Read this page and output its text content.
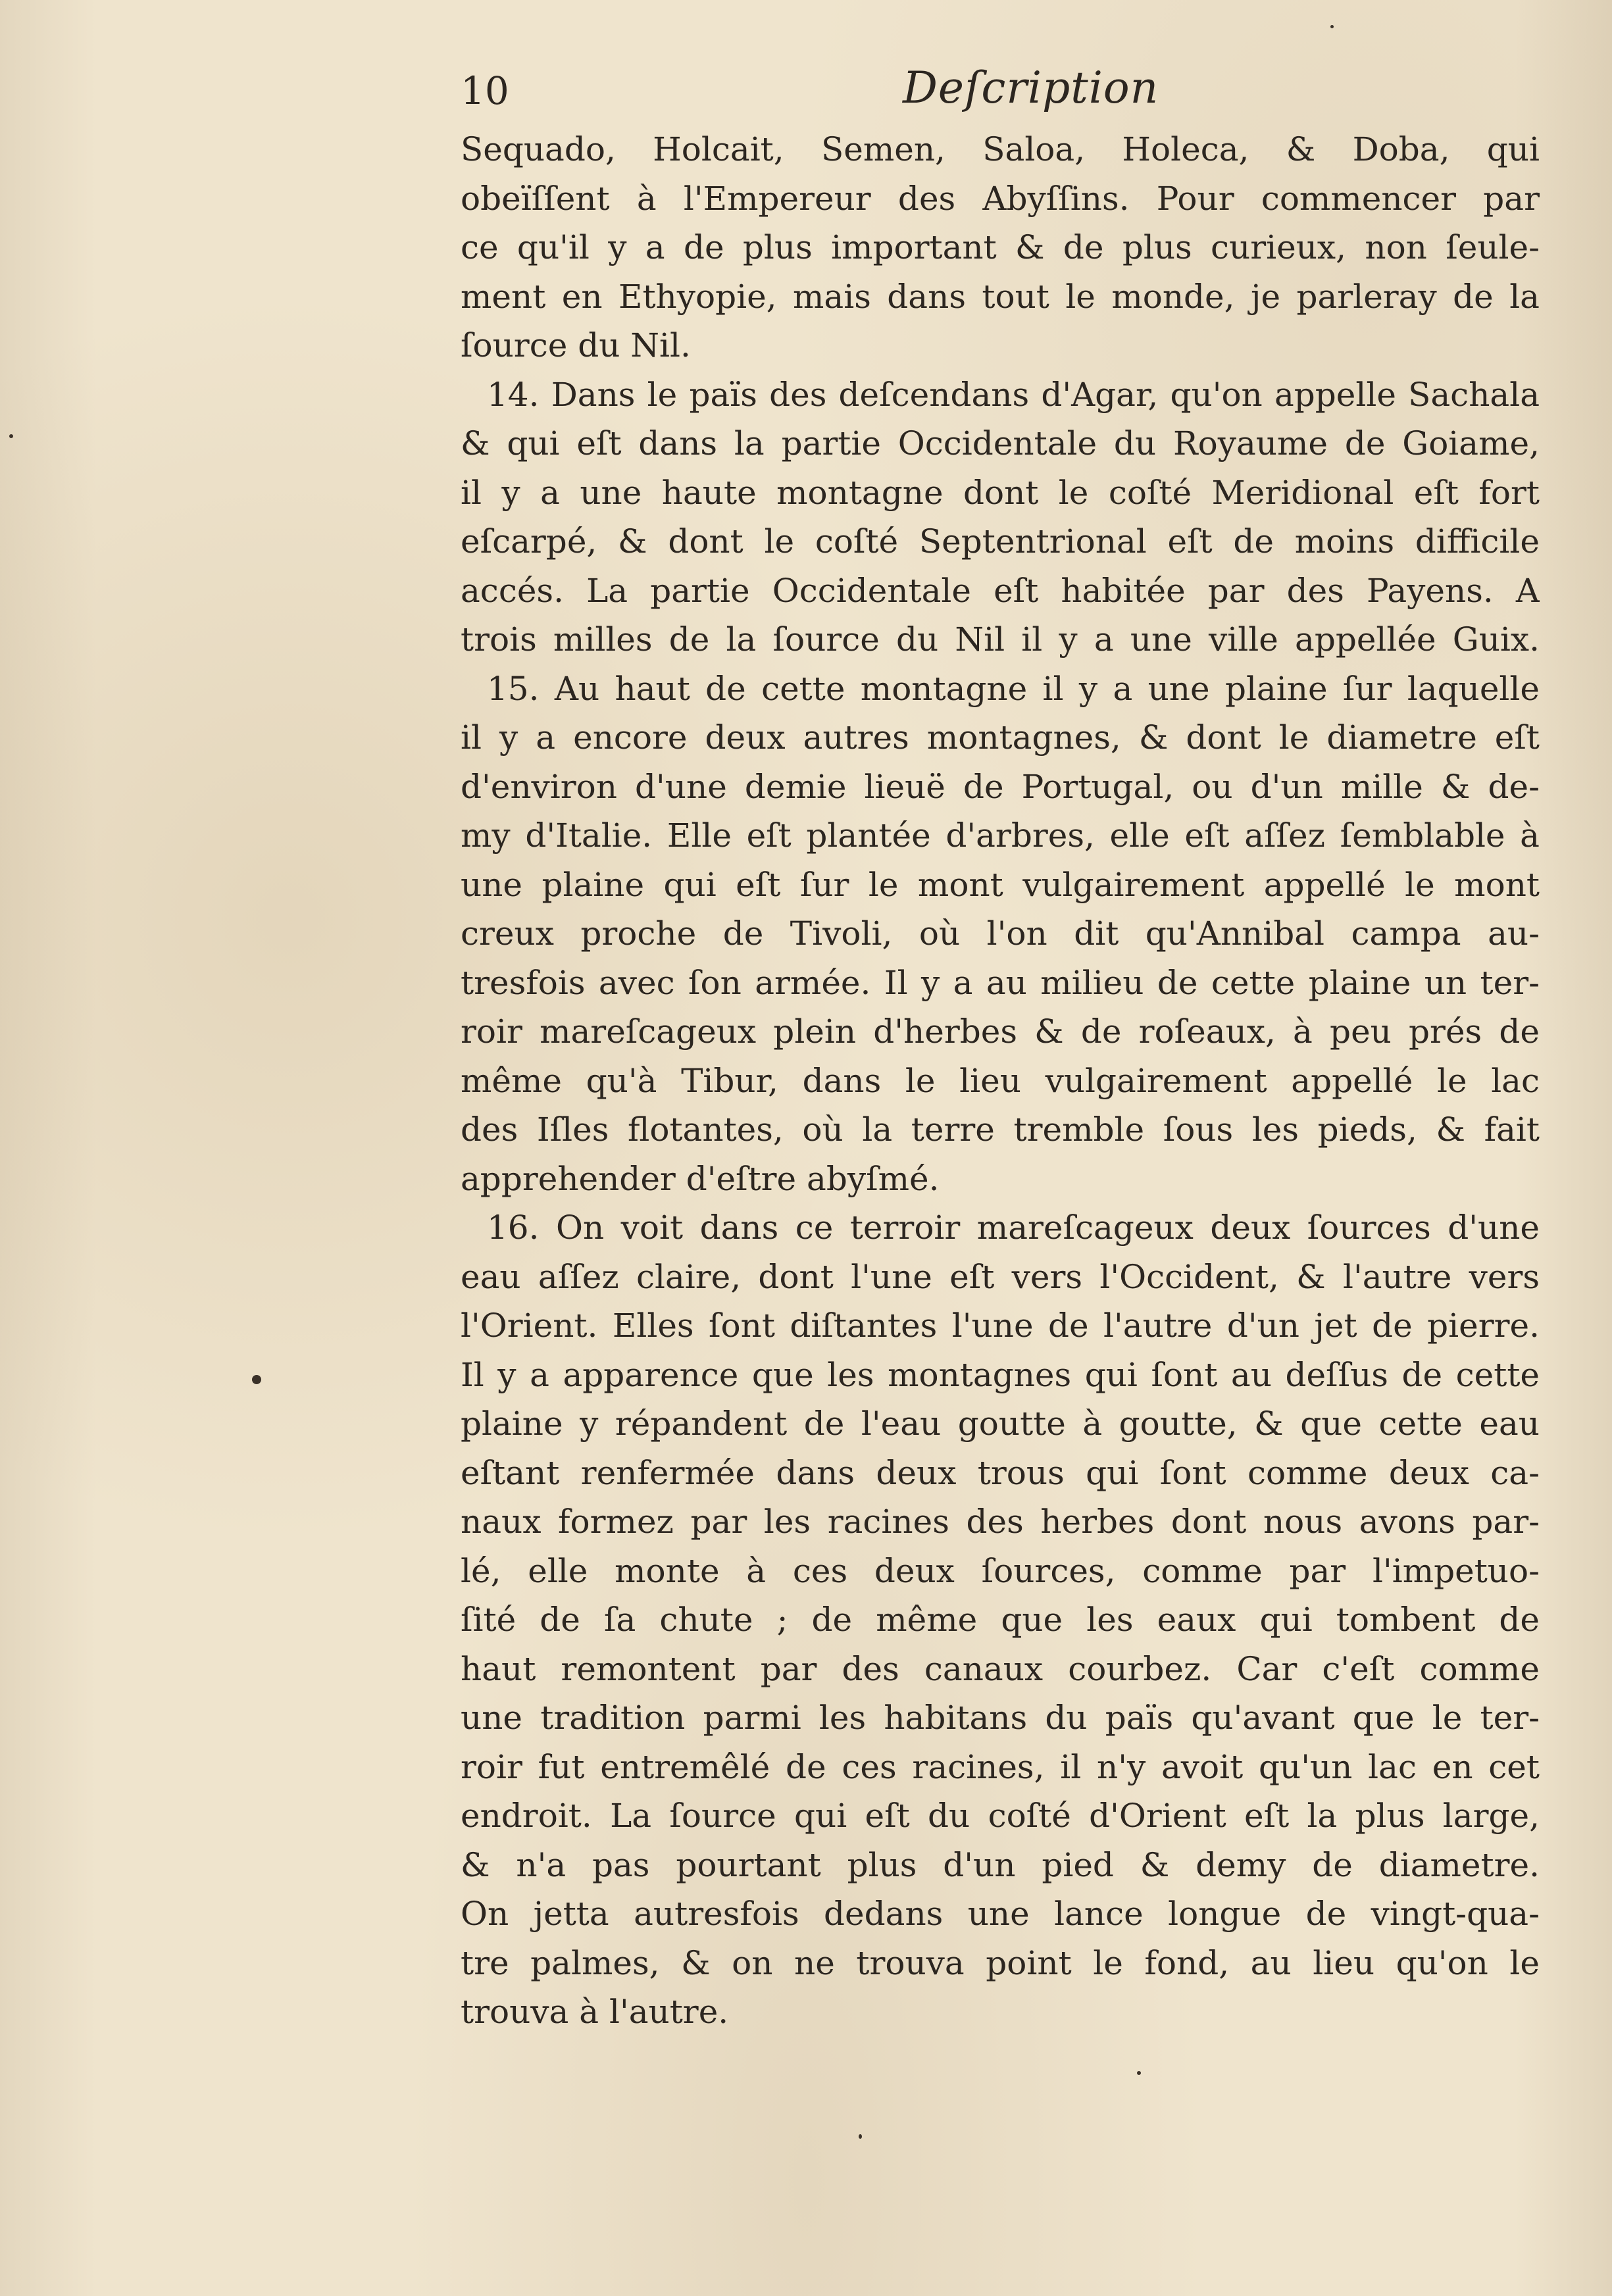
10	Deſcription
Sequado, Holcait, Semen, Saloa, Holeca, & Doba, qui
obeïſſent à l'Empereur des Abyſſins. Pour commencer par
ce qu'il y a de plus important & de plus curieux, non ſeule-
ment en Ethyopie, mais dans tout le monde, je parleray de la
ſource du Nil.
14. Dans le païs des deſcendans d'Agar, qu'on appelle Sachala
& qui eſt dans la partie Occidentale du Royaume de Goiame,
il y a une haute montagne dont le coſté Meridional eſt fort
eſcarpé, & dont le coſté Septentrional eſt de moins difficile
accés. La partie Occidentale eſt habitée par des Payens. A
trois milles de la ſource du Nil il y a une ville appellée Guix.
15. Au haut de cette montagne il y a une plaine ſur laquelle
il y a encore deux autres montagnes, & dont le diametre eſt
d'environ d'une demie lieuë de Portugal, ou d'un mille & de-
my d'Italie. Elle eſt plantée d'arbres, elle eſt aſſez ſemblable à
une plaine qui eſt ſur le mont vulgairement appellé le mont
creux proche de Tivoli, où l'on dit qu'Annibal campa au-
tresfois avec ſon armée. Il y a au milieu de cette plaine un ter-
roir mareſcageux plein d'herbes & de roſeaux, à peu prés de
même qu'à Tibur, dans le lieu vulgairement appellé le lac
des Iſles flotantes, où la terre tremble ſous les pieds, & fait
apprehender d'eſtre abyſmé.
16. On voit dans ce terroir mareſcageux deux ſources d'une
eau aſſez claire, dont l'une eſt vers l'Occident, & l'autre vers
l'Orient. Elles ſont diſtantes l'une de l'autre d'un jet de pierre.
Il y a apparence que les montagnes qui ſont au deſſus de cette
plaine y répandent de l'eau goutte à goutte, & que cette eau
eſtant renfermée dans deux trous qui ſont comme deux ca-
naux formez par les racines des herbes dont nous avons par-
lé, elle monte à ces deux ſources, comme par l'impetuo-
ſité de ſa chute ; de même que les eaux qui tombent de
haut remontent par des canaux courbez. Car c'eſt comme
une tradition parmi les habitans du païs qu'avant que le ter-
roir fut entremêlé de ces racines, il n'y avoit qu'un lac en cet
endroit. La ſource qui eſt du coſté d'Orient eſt la plus large,
& n'a pas pourtant plus d'un pied & demy de diametre.
On jetta autresfois dedans une lance longue de vingt-qua-
tre palmes, & on ne trouva point le fond, au lieu qu'on le
trouva à l'autre.
